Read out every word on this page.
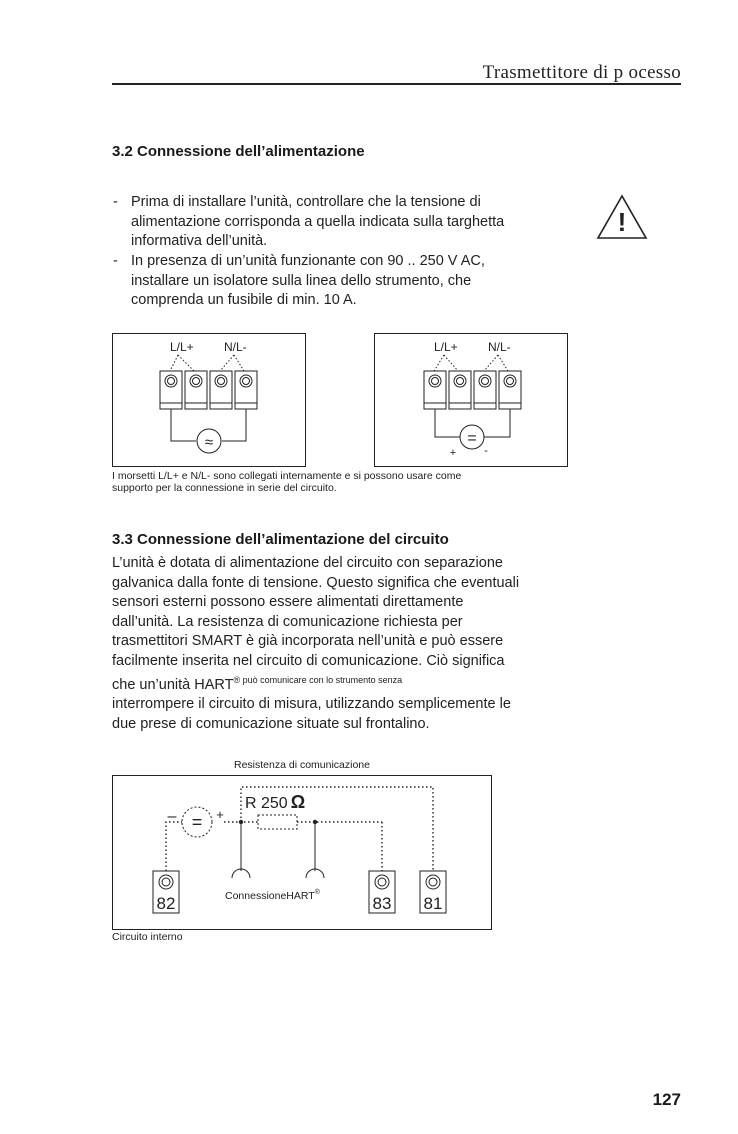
Trasmettitore di p ocesso
3.2 Connessione dell’alimentazione
- Prima di installare l’unità, controllare che la tensione di
alimentazione corrisponda a quella indicata sulla targhetta
informativa dell’unità.
- In presenza di un’unità funzionante con 90 .. 250 V AC,
installare un isolatore sulla linea dello strumento, che
comprenda un fusibile di min. 10 A.
!
L/L+	N/L-
≈
L/L+	N/L-
=
+	-
I morsetti L/L+ e N/L- sono collegati internamente e si possono usare come
supporto per la connessione in serie del circuito.
3.3 Connessione dell’alimentazione del circuito
L’unità è dotata di alimentazione del circuito con separazione
galvanica dalla fonte di tensione. Questo significa che eventuali
sensori esterni possono essere alimentati direttamente
dall’unità. La resistenza di comunicazione richiesta per
trasmettitori SMART è già incorporata nell’unità e può essere
facilmente inserita nel circuito di comunicazione. Ciò significa
che un’unità $HART^{® può comunicare con lo strumento senza}$
interrompere il circuito di misura, utilizzando semplicemente le
due prese di comunicazione situate sul frontalino.
Resistenza di comunicazione
=
–	+
R 250 Ω
ConnessioneHART®
82	83 81
Circuito interno
127
